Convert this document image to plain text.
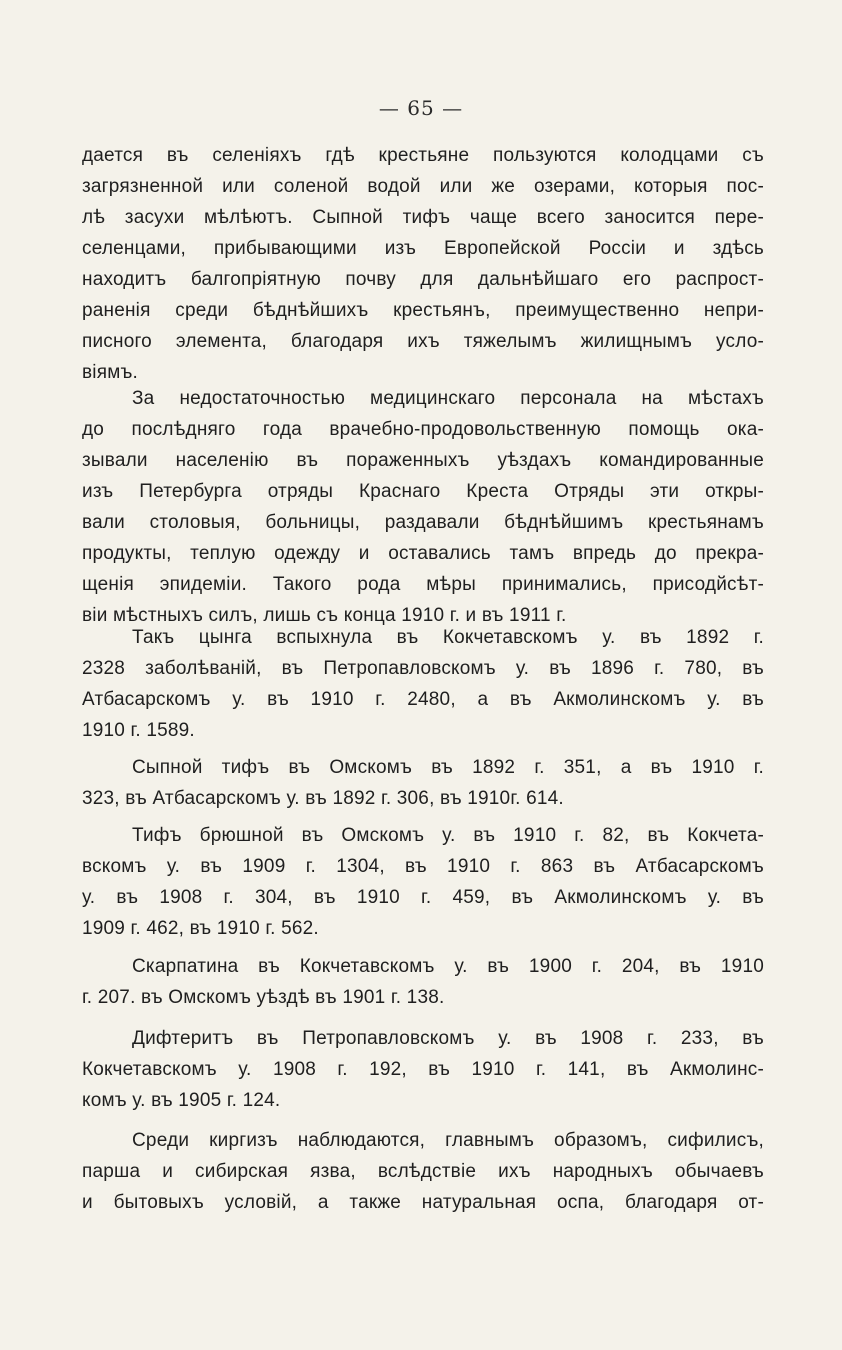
— 65 —
дается въ селеніяхъ гдѣ крестьяне пользуются колодцами съ
загрязненной или соленой водой или же озерами, которыя пос-
лѣ засухи мѣлѣютъ. Сыпной тифъ чаще всего заносится пере-
селенцами, прибывающими изъ Европейской Россіи и здѣсь
находитъ балгопріятную почву для дальнѣйшаго его распрост-
раненія среди бѣднѣйшихъ крестьянъ, преимущественно непри-
писного элемента, благодаря ихъ тяжелымъ жилищнымъ усло-
віямъ.
За недостаточностью медицинскаго персонала на мѣстахъ
до послѣдняго года врачебно-продовольственную помощь ока-
зывали населенію въ пораженныхъ уѣздахъ командированные
изъ Петербурга отряды Краснаго Креста Отряды эти откры-
вали столовыя, больницы, раздавали бѣднѣйшимъ крестьянамъ
продукты, теплую одежду и оставались тамъ впредь до прекра-
щенія эпидеміи. Такого рода мѣры принимались, присодйсѣт-
віи мѣстныхъ силъ, лишь съ конца 1910 г. и въ 1911 г.
Такъ цынга вспыхнула въ Кокчетавскомъ у. въ 1892 г.
2328 заболѣваній, въ Петропавловскомъ у. въ 1896 г. 780, въ
Атбасарскомъ у. въ 1910 г. 2480, а въ Акмолинскомъ у. въ
1910 г. 1589.
Сыпной тифъ въ Омскомъ въ 1892 г. 351, а въ 1910 г.
323, въ Атбасарскомъ у. въ 1892 г. 306, въ 1910г. 614.
Тифъ брюшной въ Омскомъ у. въ 1910 г. 82, въ Кокчета-
вскомъ у. въ 1909 г. 1304, въ 1910 г. 863 въ Атбасарскомъ
у. въ 1908 г. 304, въ 1910 г. 459, въ Акмолинскомъ у. въ
1909 г. 462, въ 1910 г. 562.
Скарпатина въ Кокчетавскомъ у. въ 1900 г. 204, въ 1910
г. 207. въ Омскомъ уѣздѣ въ 1901 г. 138.
Дифтеритъ въ Петропавловскомъ у. въ 1908 г. 233, въ
Кокчетавскомъ у. 1908 г. 192, въ 1910 г. 141, въ Акмолинс-
комъ у. въ 1905 г. 124.
Среди киргизъ наблюдаются, главнымъ образомъ, сифилисъ,
парша и сибирская язва, вслѣдствіе ихъ народныхъ обычаевъ
и бытовыхъ условій, а также натуральная оспа, благодаря от-
